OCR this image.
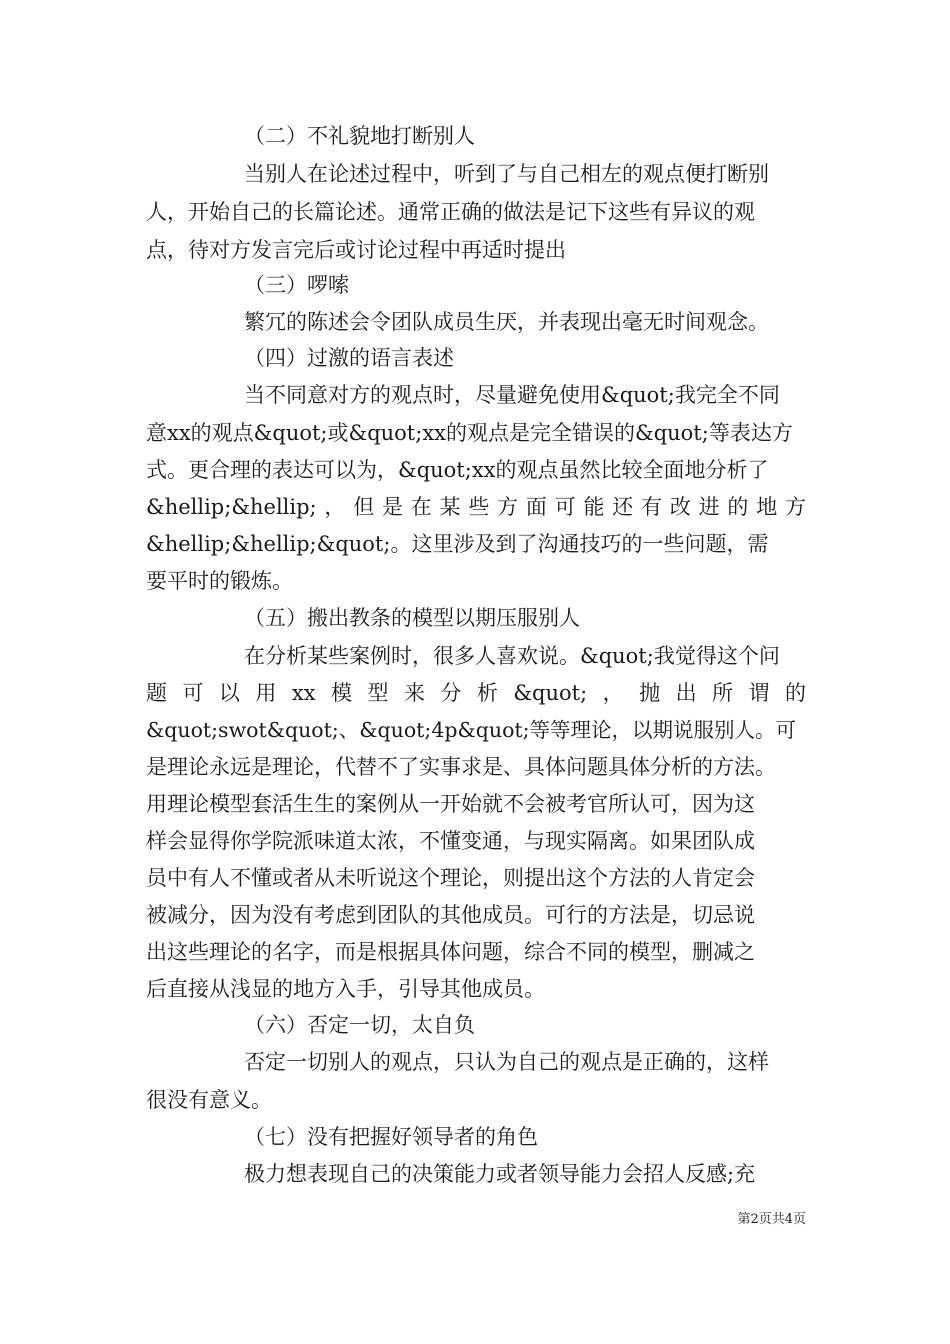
（二）不礼貌地打断别人
当别人在论述过程中，听到了与自己相左的观点便打断别
人，开始自己的长篇论述。通常正确的做法是记下这些有异议的观
点，待对方发言完后或讨论过程中再适时提出
（三）啰嗦
繁冗的陈述会令团队成员生厌，并表现出毫无时间观念。
（四）过激的语言表述
当不同意对方的观点时，尽量避免使用&quot;我完全不同
意xx的观点&quot;或&quot;xx的观点是完全错误的&quot;等表达方
式。更合理的表达可以为，&quot;xx的观点虽然比较全面地分析了
&hellip;&hellip;，但是在某些方面可能还有改进的地方
&hellip;&hellip;&quot;。这里涉及到了沟通技巧的一些问题，需
要平时的锻炼。
（五）搬出教条的模型以期压服别人
在分析某些案例时，很多人喜欢说。&quot;我觉得这个问
题可以用xx模型来分析&quot;，抛出所谓的
&quot;swot&quot;、&quot;4p&quot;等等理论，以期说服别人。可
是理论永远是理论，代替不了实事求是、具体问题具体分析的方法。
用理论模型套活生生的案例从一开始就不会被考官所认可，因为这
样会显得你学院派味道太浓，不懂变通，与现实隔离。如果团队成
员中有人不懂或者从未听说这个理论，则提出这个方法的人肯定会
被减分，因为没有考虑到团队的其他成员。可行的方法是，切忌说
出这些理论的名字，而是根据具体问题，综合不同的模型，删减之
后直接从浅显的地方入手，引导其他成员。
（六）否定一切，太自负
否定一切别人的观点，只认为自己的观点是正确的，这样
很没有意义。
（七）没有把握好领导者的角色
极力想表现自己的决策能力或者领导能力会招人反感;充
第2页共4页
